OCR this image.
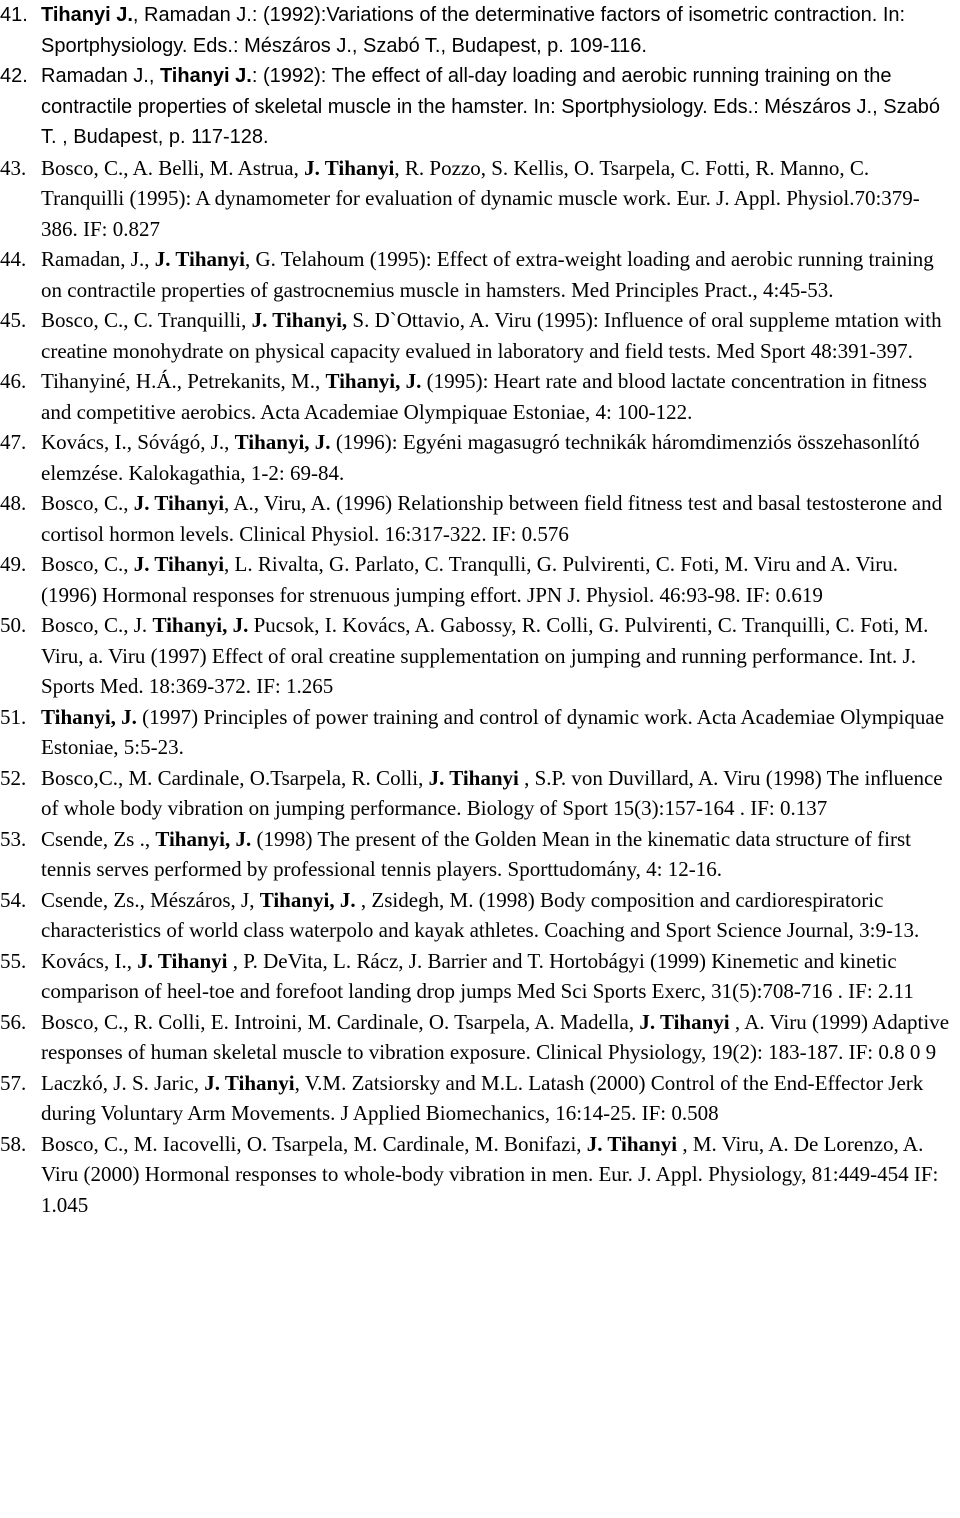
41. Tihanyi J., Ramadan J.: (1992):Variations of the determinative factors of isometric contraction. In: Sportphysiology. Eds.: Mészáros J., Szabó T., Budapest, p. 109-116.
42. Ramadan J., Tihanyi J.: (1992): The effect of all-day loading and aerobic running training on the contractile properties of skeletal muscle in the hamster. In: Sportphysiology. Eds.: Mészáros J., Szabó T. , Budapest, p. 117-128.
43. Bosco, C., A. Belli, M. Astrua, J. Tihanyi, R. Pozzo, S. Kellis, O. Tsarpela, C. Fotti, R. Manno, C. Tranquilli (1995): A dynamometer for evaluation of dynamic muscle work. Eur. J. Appl. Physiol.70:379-386. IF: 0.827
44. Ramadan, J., J. Tihanyi, G. Telahoum (1995): Effect of extra-weight loading and aerobic running training on contractile properties of gastrocnemius muscle in hamsters. Med Principles Pract., 4:45-53.
45. Bosco, C., C. Tranquilli, J. Tihanyi, S. D`Ottavio, A. Viru (1995): Influence of oral suppleme mtation with creatine monohydrate on physical capacity evalued in laboratory and field tests. Med Sport 48:391-397.
46. Tihanyiné, H.Á., Petrekanits, M., Tihanyi, J. (1995): Heart rate and blood lactate concentration in fitness and competitive aerobics. Acta Academiae Olympiquae Estoniae, 4: 100-122.
47. Kovács, I., Sóvágó, J., Tihanyi, J. (1996): Egyéni magasugró technikák háromdimenziós összehasonlító elemzése. Kalokagathia, 1-2: 69-84.
48. Bosco, C., J. Tihanyi, A., Viru, A. (1996) Relationship between field fitness test and basal testosterone and cortisol hormon levels. Clinical Physiol. 16:317-322. IF: 0.576
49. Bosco, C., J. Tihanyi, L. Rivalta, G. Parlato, C. Tranqulli, G. Pulvirenti, C. Foti, M. Viru and A. Viru. (1996) Hormonal responses for strenuous jumping effort. JPN J. Physiol. 46:93-98. IF: 0.619
50. Bosco, C., J. Tihanyi, J. Pucsok, I. Kovács, A. Gabossy, R. Colli, G. Pulvirenti, C. Tranquilli, C. Foti, M. Viru, a. Viru (1997) Effect of oral creatine supplementation on jumping and running performance. Int. J. Sports Med. 18:369-372. IF: 1.265
51. Tihanyi, J. (1997) Principles of power training and control of dynamic work. Acta Academiae Olympiquae Estoniae, 5:5-23.
52. Bosco,C., M. Cardinale, O.Tsarpela, R. Colli, J. Tihanyi , S.P. von Duvillard, A. Viru (1998) The influence of whole body vibration on jumping performance. Biology of Sport 15(3):157-164 . IF: 0.137
53. Csende, Zs ., Tihanyi, J. (1998) The present of the Golden Mean in the kinematic data structure of first tennis serves performed by professional tennis players. Sporttudomány, 4: 12-16.
54. Csende, Zs., Mészáros, J, Tihanyi, J. , Zsidegh, M. (1998) Body composition and cardiorespiratoric characteristics of world class waterpolo and kayak athletes. Coaching and Sport Science Journal, 3:9-13.
55. Kovács, I., J. Tihanyi , P. DeVita, L. Rácz, J. Barrier and T. Hortobágyi (1999) Kinemetic and kinetic comparison of heel-toe and forefoot landing drop jumps Med Sci Sports Exerc, 31(5):708-716 . IF: 2.11
56. Bosco, C., R. Colli, E. Introini, M. Cardinale, O. Tsarpela, A. Madella, J. Tihanyi , A. Viru (1999) Adaptive responses of human skeletal muscle to vibration exposure. Clinical Physiology, 19(2): 183-187. IF: 0.8 0 9
57. Laczkó, J. S. Jaric, J. Tihanyi, V.M. Zatsiorsky and M.L. Latash (2000) Control of the End-Effector Jerk during Voluntary Arm Movements. J Applied Biomechanics, 16:14-25. IF: 0.508
58. Bosco, C., M. Iacovelli, O. Tsarpela, M. Cardinale, M. Bonifazi, J. Tihanyi , M. Viru, A. De Lorenzo, A. Viru (2000) Hormonal responses to whole-body vibration in men. Eur. J. Appl. Physiology, 81:449-454 IF: 1.045
